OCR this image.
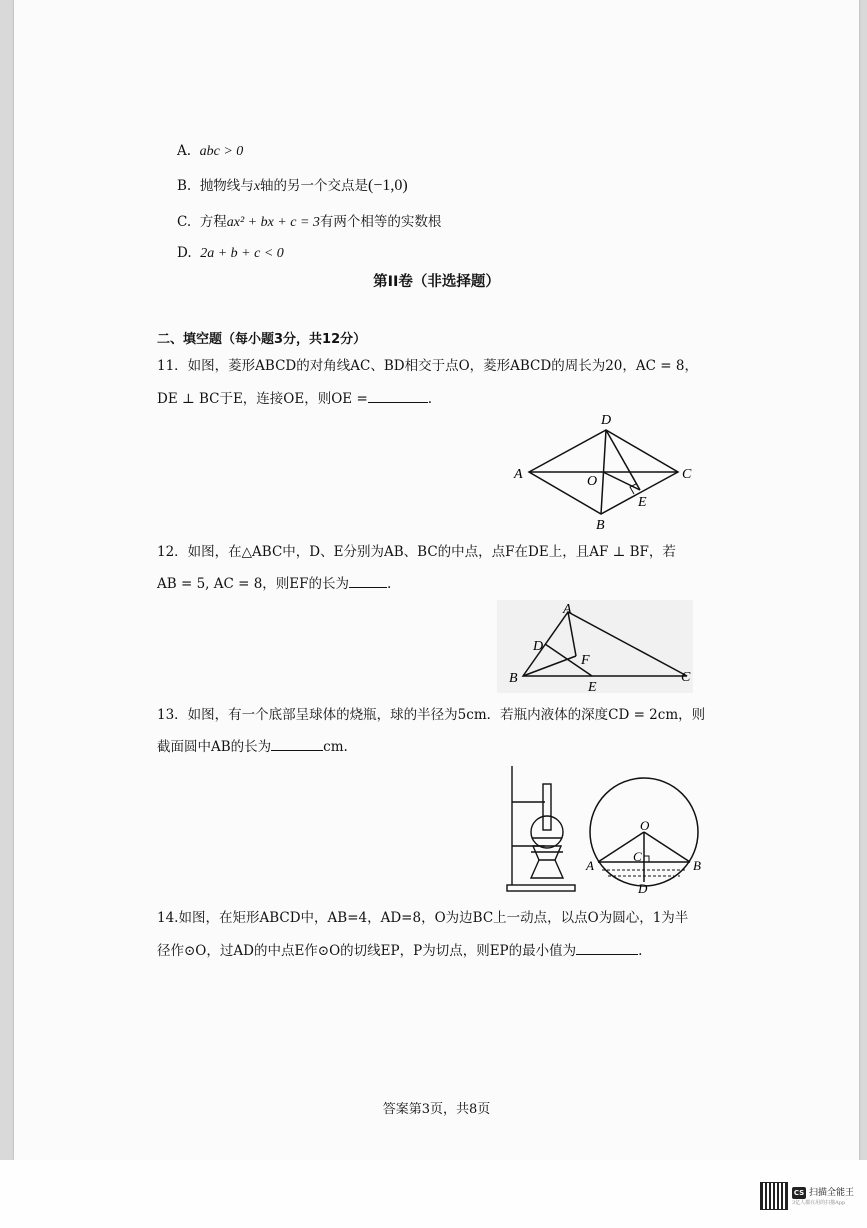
A. abc > 0
B. 抛物线与x轴的另一个交点是(−1,0)
C. 方程ax² + bx + c = 3有两个相等的实数根
D. 2a + b + c < 0
第II卷（非选择题）
二、填空题（每小题3分，共12分）
11．如图，菱形ABCD的对角线AC、BD相交于点O，菱形ABCD的周长为20，AC = 8，
DE ⊥ BC于E，连接OE，则OE =	.
A
D
C
B
O
E
12．如图，在△ABC中，D、E分别为AB、BC的中点，点F在DE上，且AF ⊥ BF，若
AB = 5, AC = 8，则EF的长为	.
A
D
F
B
E
C
13．如图，有一个底部呈球体的烧瓶，球的半径为5cm．若瓶内液体的深度CD = 2cm，则
截面圆中AB的长为	cm.
O
A	B
C
D
14.如图，在矩形ABCD中，AB=4，AD=8，O为边BC上一动点，以点O为圆心，1为半
径作⊙O，过AD的中点E作⊙O的切线EP，P为切点，则EP的最小值为	.
答案第3页，共8页
CS 扫描全能王
3亿人都在用的扫描App
